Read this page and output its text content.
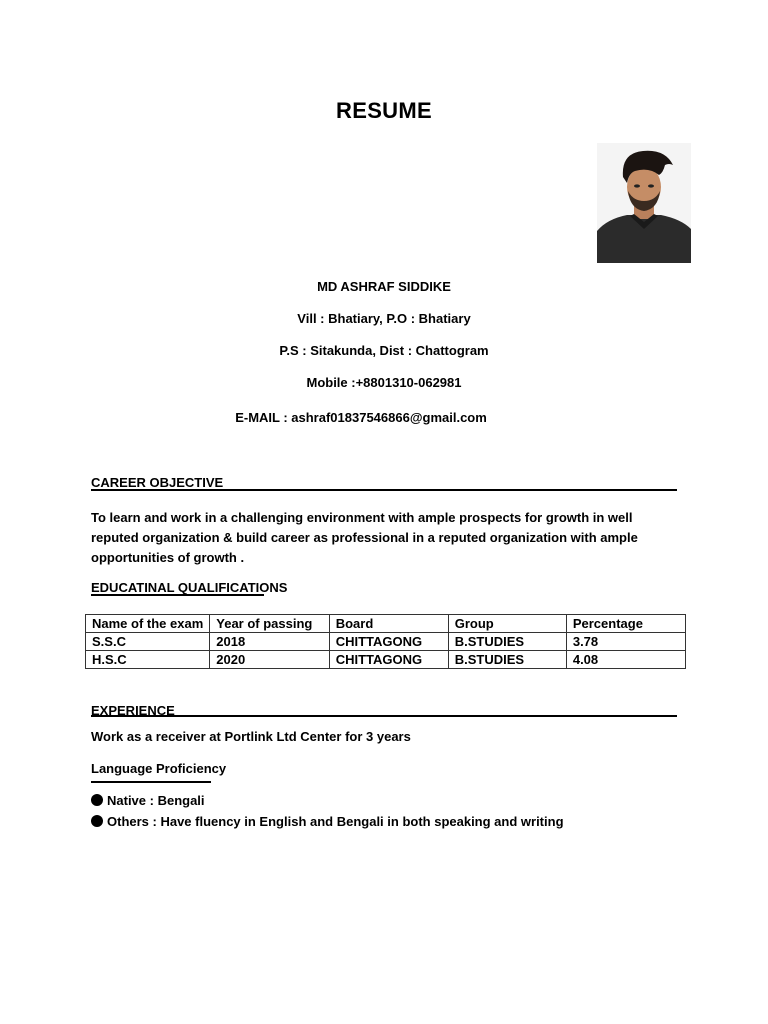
RESUME
MD ASHRAF SIDDIKE
Vill : Bhatiary, P.O : Bhatiary
P.S : Sitakunda, Dist : Chattogram
Mobile :+8801310-062981
E-MAIL : ashraf01837546866@gmail.com
CAREER OBJECTIVE
To learn and work in a challenging environment with ample prospects for growth in well reputed organization & build career as professional in a reputed organization with ample opportunities of growth .
EDUCATINAL QUALIFICATIONS
Name of the exam	Year of passing	Board	Group	Percentage
S.S.C	2018	CHITTAGONG	B.STUDIES	3.78
H.S.C	2020	CHITTAGONG	B.STUDIES	4.08
EXPERIENCE
Work as a receiver at Portlink Ltd Center for 3 years
Language Proficiency
Native : Bengali
Others : Have fluency in English and Bengali in both speaking and writing
